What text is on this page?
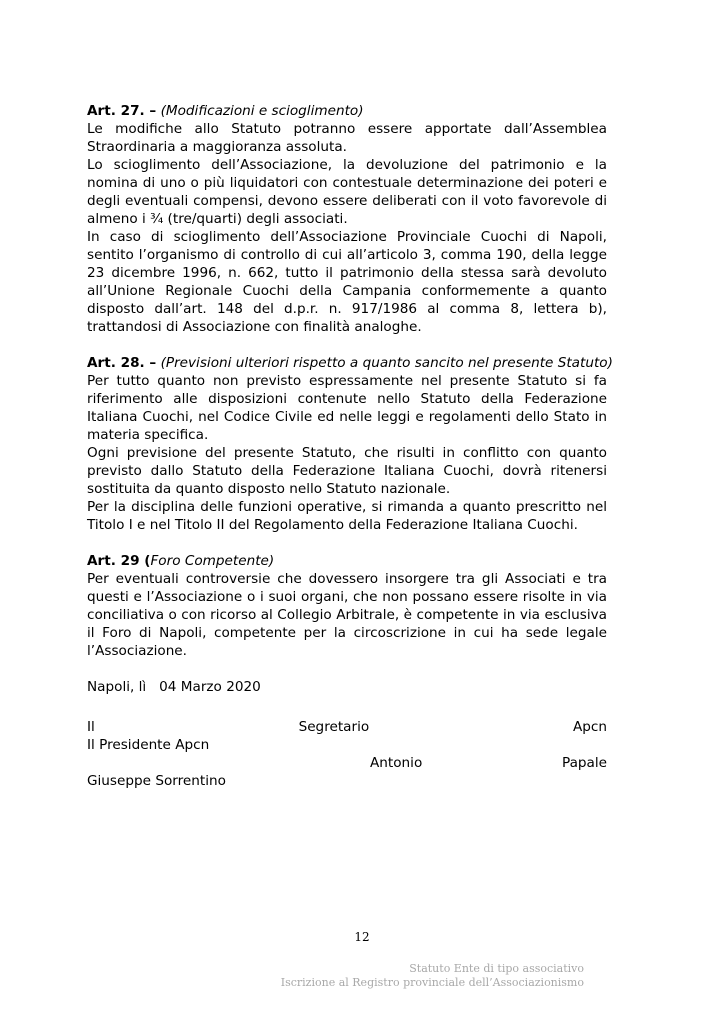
Art. 27. – (Modificazioni e scioglimento)

Le modifiche allo Statuto potranno essere apportate dall’Assemblea Straordinaria a maggioranza assoluta.

Lo scioglimento dell’Associazione, la devoluzione del patrimonio e la nomina di uno o più liquidatori con contestuale determinazione dei poteri e degli eventuali compensi, devono essere deliberati con il voto favorevole di almeno i ¾ (tre/quarti) degli associati.

In caso di scioglimento dell’Associazione Provinciale Cuochi di Napoli, sentito l’organismo di controllo di cui all’articolo 3, comma 190, della legge 23 dicembre 1996, n. 662, tutto il patrimonio della stessa sarà devoluto all’Unione Regionale Cuochi della Campania conformemente a quanto disposto dall’art. 148 del d.p.r. n. 917/1986 al comma 8, lettera b), trattandosi di Associazione con finalità analoghe.

Art. 28. – (Previsioni ulteriori rispetto a quanto sancito nel presente Statuto)

Per tutto quanto non previsto espressamente nel presente Statuto si fa riferimento alle disposizioni contenute nello Statuto della Federazione Italiana Cuochi, nel Codice Civile ed nelle leggi e regolamenti dello Stato in materia specifica.

Ogni previsione del presente Statuto, che risulti in conflitto con quanto previsto dallo Statuto della Federazione Italiana Cuochi, dovrà ritenersi sostituita da quanto disposto nello Statuto nazionale.

Per la disciplina delle funzioni operative, si rimanda a quanto prescritto nel Titolo I e nel Titolo II del Regolamento della Federazione Italiana Cuochi.

Art. 29 (Foro Competente)

Per eventuali controversie che dovessero insorgere tra gli Associati e tra questi e l’Associazione o i suoi organi, che non possano essere risolte in via conciliativa o con ricorso al Collegio Arbitrale, è competente in via esclusiva il Foro di Napoli, competente per la circoscrizione in cui ha sede legale l’Associazione.

Napoli, lì   04 Marzo 2020

Il Segretario Apcn

Il Presidente Apcn

Antonio Papale

Giuseppe Sorrentino

12
Statuto Ente di tipo associativo
Iscrizione al Registro provinciale dell’Associazionismo
